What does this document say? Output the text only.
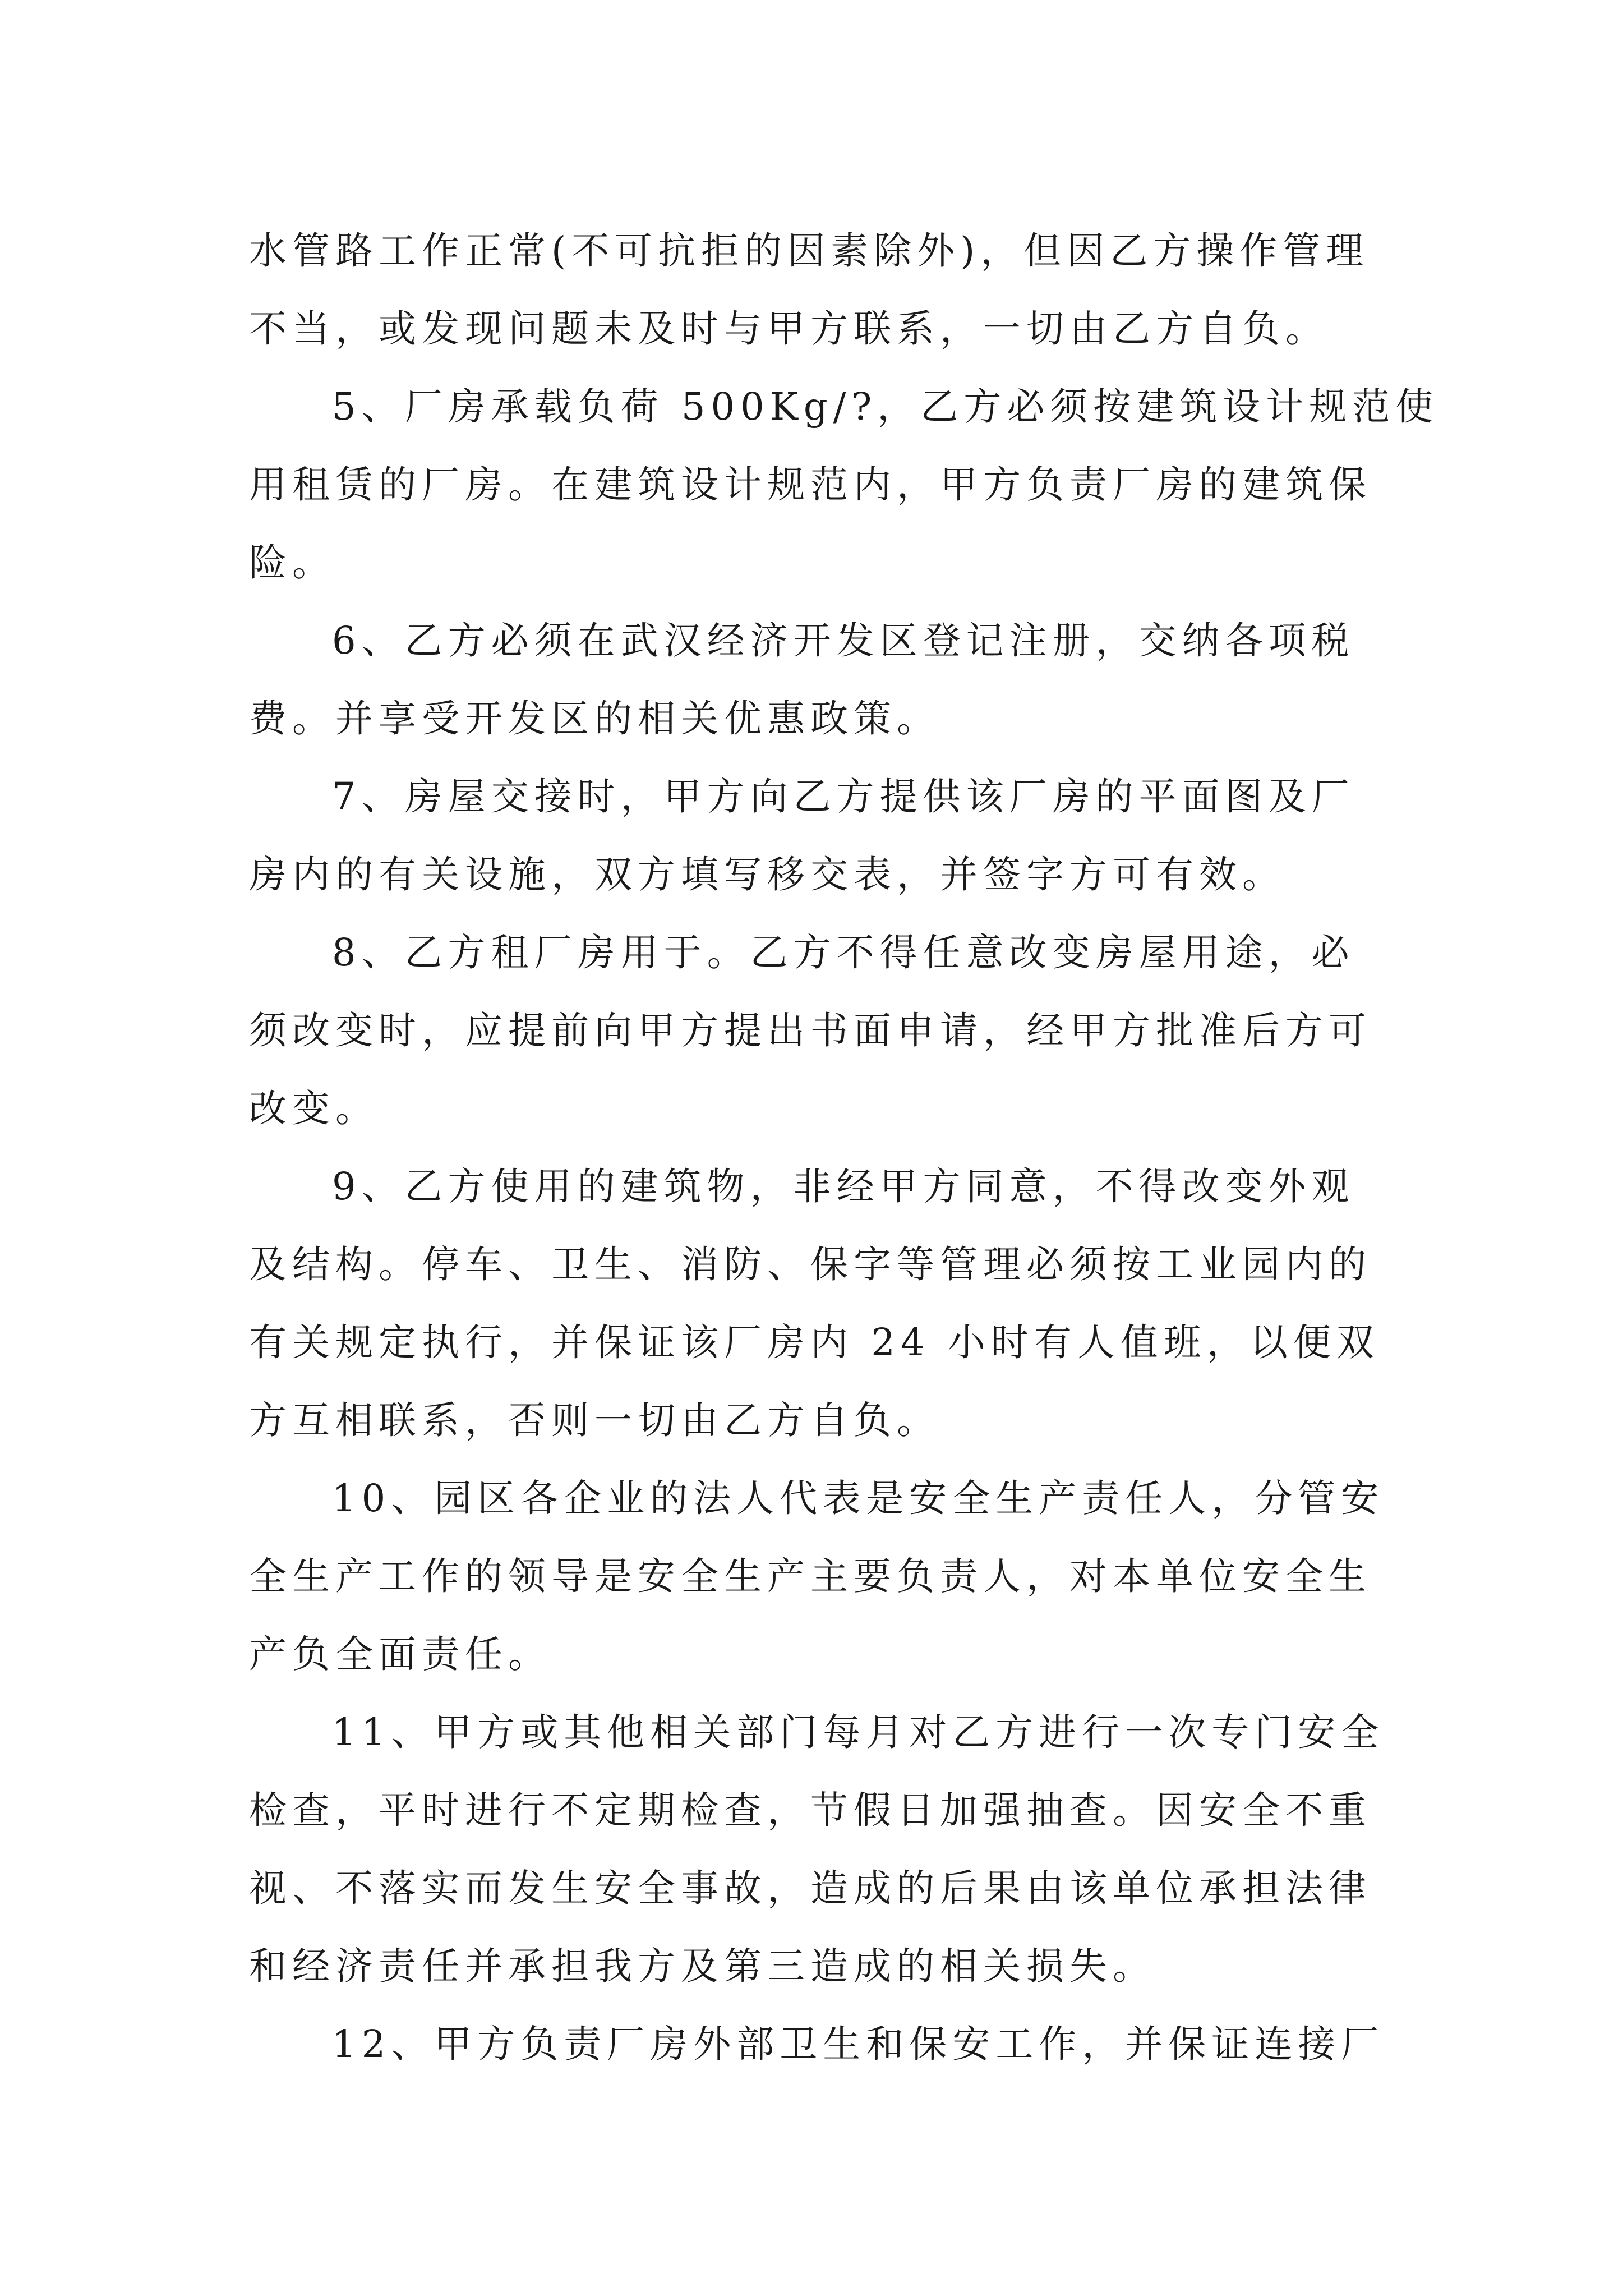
水管路工作正常(不可抗拒的因素除外)，但因乙方操作管理
不当，或发现问题未及时与甲方联系，一切由乙方自负。
5、厂房承载负荷 500Kg/?，乙方必须按建筑设计规范使
用租赁的厂房。在建筑设计规范内，甲方负责厂房的建筑保
险。
6、乙方必须在武汉经济开发区登记注册，交纳各项税
费。并享受开发区的相关优惠政策。
7、房屋交接时，甲方向乙方提供该厂房的平面图及厂
房内的有关设施，双方填写移交表，并签字方可有效。
8、乙方租厂房用于。乙方不得任意改变房屋用途，必
须改变时，应提前向甲方提出书面申请，经甲方批准后方可
改变。
9、乙方使用的建筑物，非经甲方同意，不得改变外观
及结构。停车、卫生、消防、保字等管理必须按工业园内的
有关规定执行，并保证该厂房内 24 小时有人值班，以便双
方互相联系，否则一切由乙方自负。
10、园区各企业的法人代表是安全生产责任人，分管安
全生产工作的领导是安全生产主要负责人，对本单位安全生
产负全面责任。
11、甲方或其他相关部门每月对乙方进行一次专门安全
检查，平时进行不定期检查，节假日加强抽查。因安全不重
视、不落实而发生安全事故，造成的后果由该单位承担法律
和经济责任并承担我方及第三造成的相关损失。
12、甲方负责厂房外部卫生和保安工作，并保证连接厂
